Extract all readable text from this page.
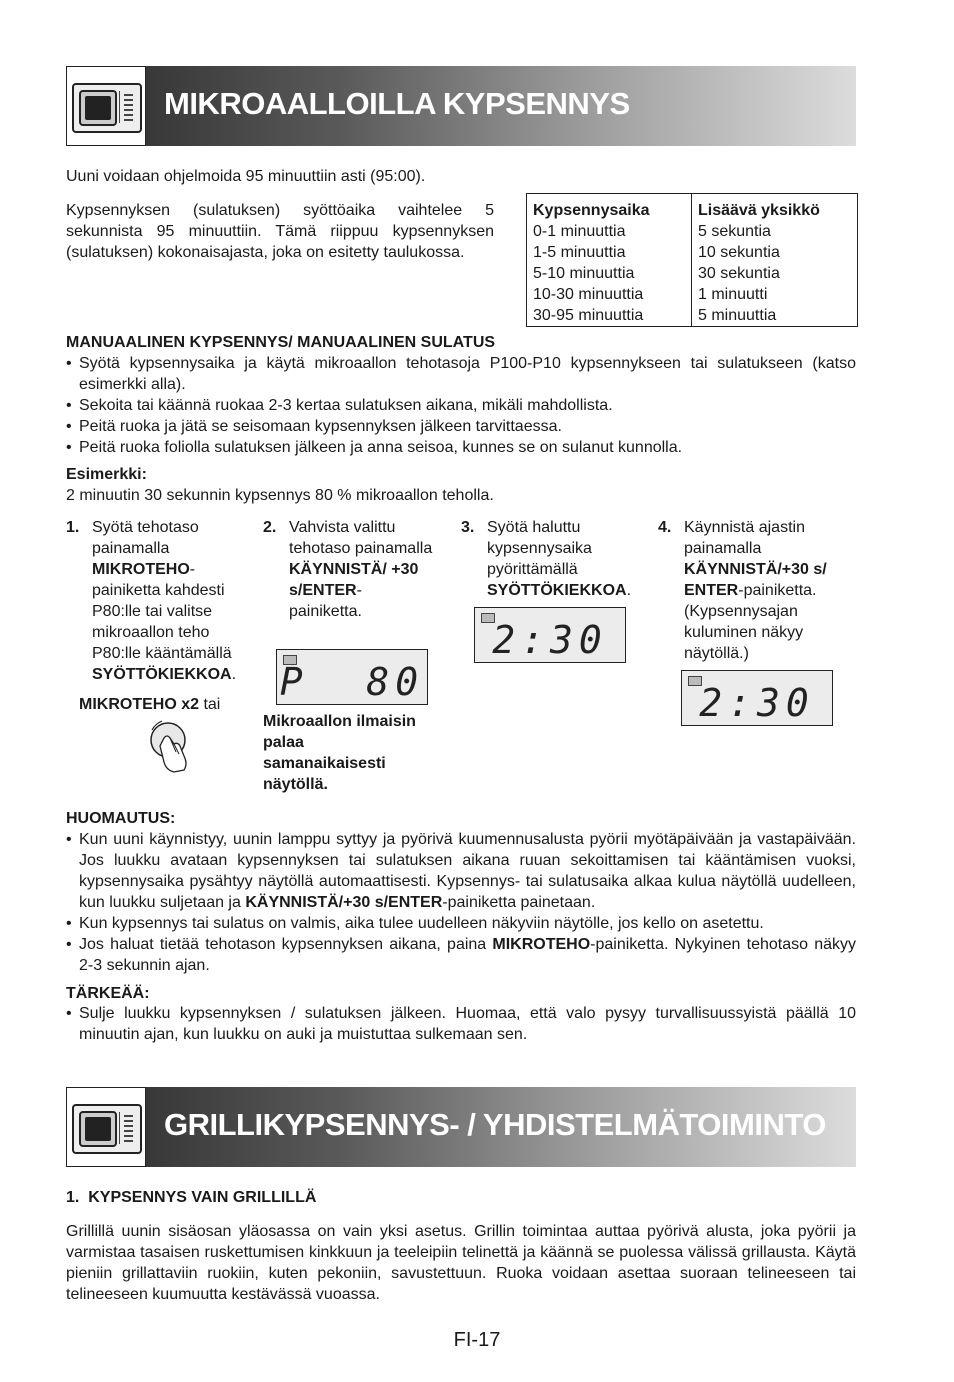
MIKROAALLOILLA KYPSENNYS

Uuni voidaan ohjelmoida 95 minuuttiin asti (95:00).

Kypsennyksen (sulatuksen) syöttöaika vaihtelee 5 sekunnista 95 minuuttiin. Tämä riippuu kypsennyksen (sulatuksen) kokonaisajasta, joka on esitetty taulukossa.

Kypsennysaika	Lisäävä yksikkö
0-1 minuuttia	5 sekuntia
1-5 minuuttia	10 sekuntia
5-10 minuuttia	30 sekuntia
10-30 minuuttia	1 minuutti
30-95 minuuttia	5 minuuttia
MANUAALINEN KYPSENNYS/ MANUAALINEN SULATUS

• Syötä kypsennysaika ja käytä mikroaallon tehotasoja P100-P10 kypsennykseen tai sulatukseen (katso esimerkki alla).

• Sekoita tai käännä ruokaa 2-3 kertaa sulatuksen aikana, mikäli mahdollista.

• Peitä ruoka ja jätä se seisomaan kypsennyksen jälkeen tarvittaessa.

• Peitä ruoka foliolla sulatuksen jälkeen ja anna seisoa, kunnes se on sulanut kunnolla.

Esimerkki:
2 minuutin 30 sekunnin kypsennys 80 % mikroaallon teholla.
1. Syötä tehotaso painamalla MIKROTEHO-painiketta kahdesti P80:lle tai valitse mikroaallon teho P80:lle kääntämällä SYÖTTÖKIEKKOA.
MIKROTEHO x2 tai
2. Vahvista valittu tehotaso painamalla KÄYNNISTÄ/ +30 s/ENTER-painiketta.
P  80
Mikroaallon ilmaisin palaa samanaikaisesti näytöllä.
3. Syötä haluttu kypsennysaika pyörittämällä SYÖTTÖKIEKKOA.
2:30
4. Käynnistä ajastin painamalla KÄYNNISTÄ/+30 s/ ENTER-painiketta. (Kypsennysajan kuluminen näkyy näytöllä.)
2:30
HUOMAUTUS:

• Kun uuni käynnistyy, uunin lamppu syttyy ja pyörivä kuumennusalusta pyörii myötäpäivään ja vastapäivään. Jos luukku avataan kypsennyksen tai sulatuksen aikana ruuan sekoittamisen tai kääntämisen vuoksi, kypsennysaika pysähtyy näytöllä automaattisesti. Kypsennys- tai sulatusaika alkaa kulua näytöllä uudelleen, kun luukku suljetaan ja KÄYNNISTÄ/+30 s/ENTER-painiketta painetaan.

• Kun kypsennys tai sulatus on valmis, aika tulee uudelleen näkyviin näytölle, jos kello on asetettu.

• Jos haluat tietää tehotason kypsennyksen aikana, paina MIKROTEHO-painiketta. Nykyinen tehotaso näkyy 2-3 sekunnin ajan.

TÄRKEÄÄ:

• Sulje luukku kypsennyksen / sulatuksen jälkeen. Huomaa, että valo pysyy turvallisuussyistä päällä 10 minuutin ajan, kun luukku on auki ja muistuttaa sulkemaan sen.

GRILLIKYPSENNYS- / YHDISTELMÄTOIMINTO
1.  KYPSENNYS VAIN GRILLILLÄ

Grillillä uunin sisäosan yläosassa on vain yksi asetus. Grillin toimintaa auttaa pyörivä alusta, joka pyörii ja varmistaa tasaisen ruskettumisen kinkkuun ja teeleipiin telinettä ja käännä se puolessa välissä grillausta. Käytä pieniin grillattaviin ruokiin, kuten pekoniin, savustettuun. Ruoka voidaan asettaa suoraan telineeseen tai telineeseen kuumuutta kestävässä vuoassa.

FI-17
